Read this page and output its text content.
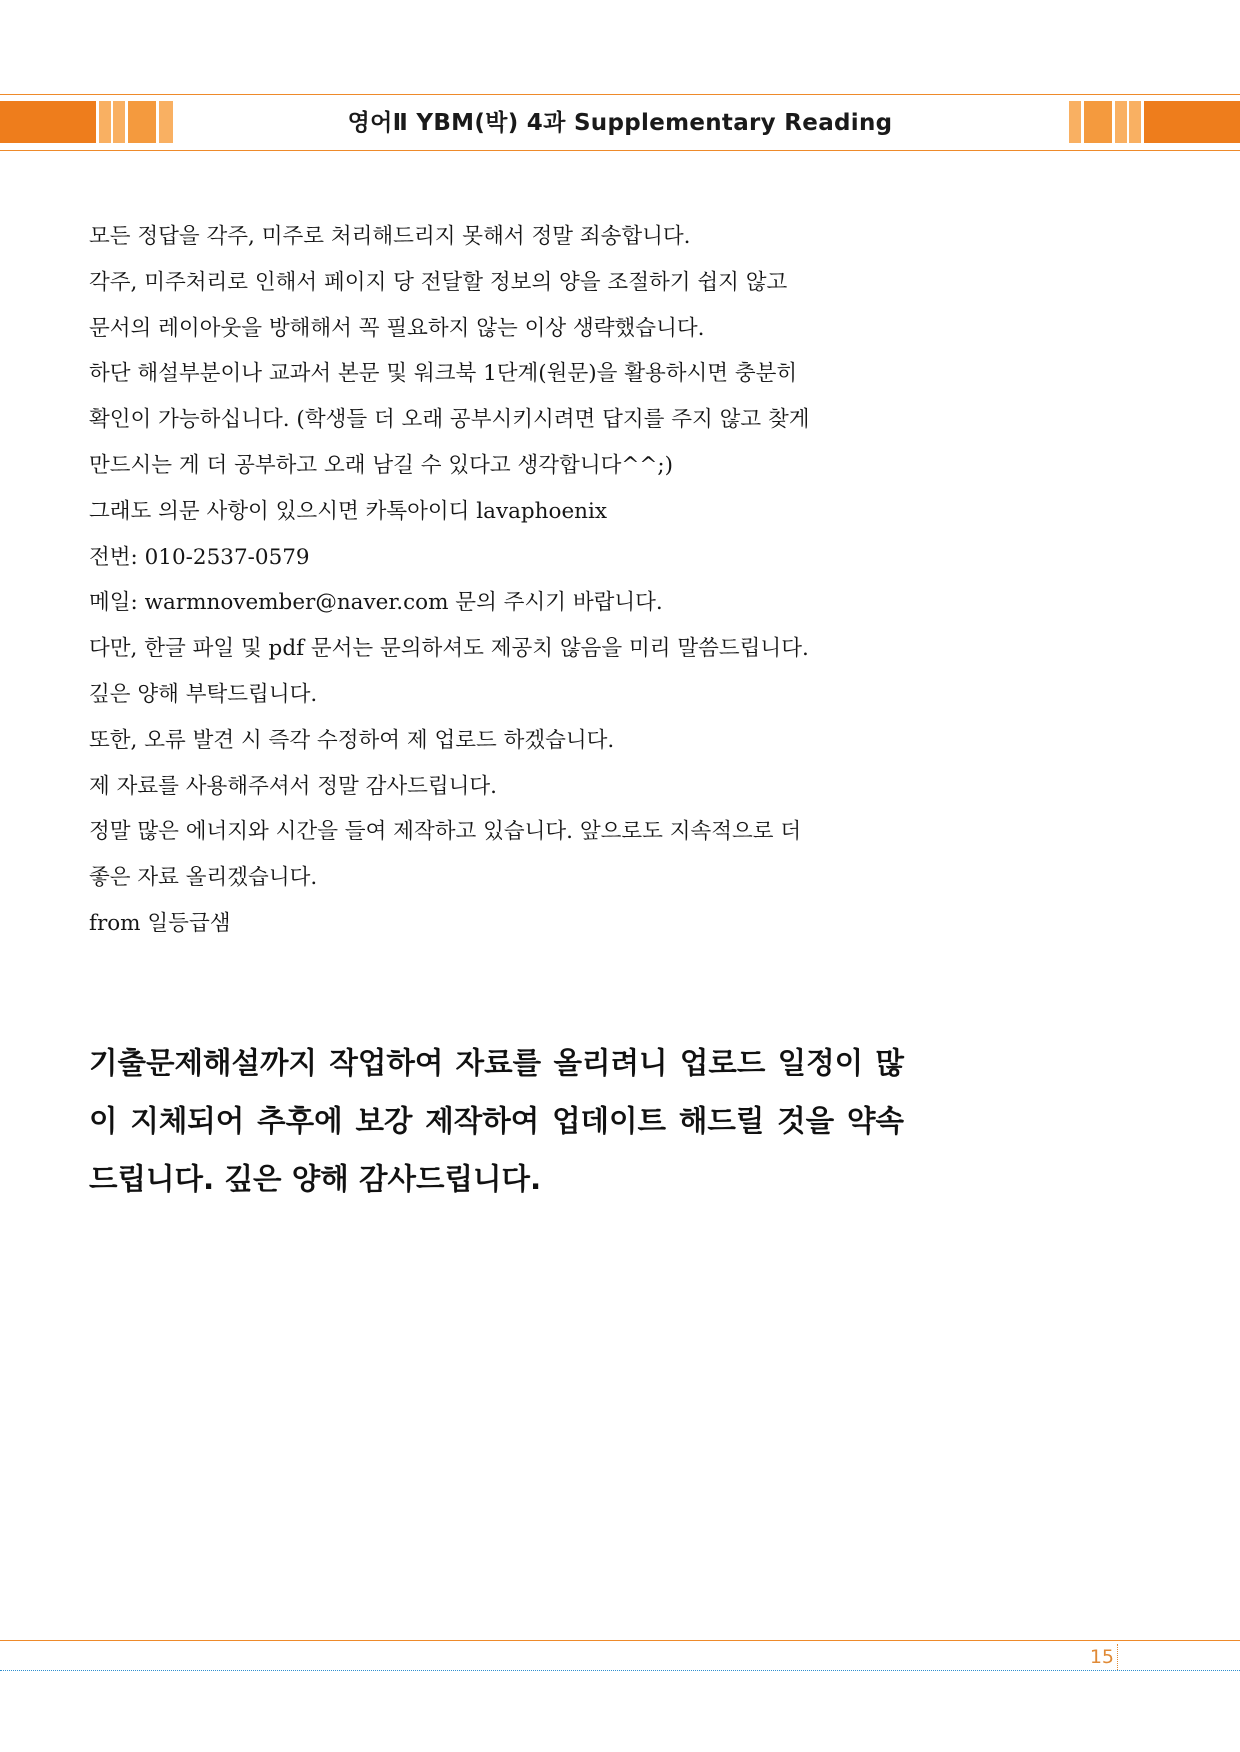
영어Ⅱ YBM(박) 4과 Supplementary Reading
모든 정답을 각주, 미주로 처리해드리지 못해서 정말 죄송합니다.
각주, 미주처리로 인해서 페이지 당 전달할 정보의 양을 조절하기 쉽지 않고
문서의 레이아웃을 방해해서 꼭 필요하지 않는 이상 생략했습니다.
하단 해설부분이나 교과서 본문 및 워크북 1단계(원문)을 활용하시면 충분히
확인이 가능하십니다. (학생들 더 오래 공부시키시려면 답지를 주지 않고 찾게
만드시는 게 더 공부하고 오래 남길 수 있다고 생각합니다^^;)
그래도 의문 사항이 있으시면 카톡아이디 lavaphoenix
전번: 010-2537-0579
메일: warmnovember@naver.com 문의 주시기 바랍니다.
다만, 한글 파일 및 pdf 문서는 문의하셔도 제공치 않음을 미리 말씀드립니다.
깊은 양해 부탁드립니다.
또한, 오류 발견 시 즉각 수정하여 제 업로드 하겠습니다.
제 자료를 사용해주셔서 정말 감사드립니다.
정말 많은 에너지와 시간을 들여 제작하고 있습니다. 앞으로도 지속적으로 더
좋은 자료 올리겠습니다.
from 일등급샘

기출문제해설까지 작업하여 자료를 올리려니 업로드 일정이 많이 지체되어 추후에 보강 제작하여 업데이트 해드릴 것을 약속드립니다. 깊은 양해 감사드립니다.

15
